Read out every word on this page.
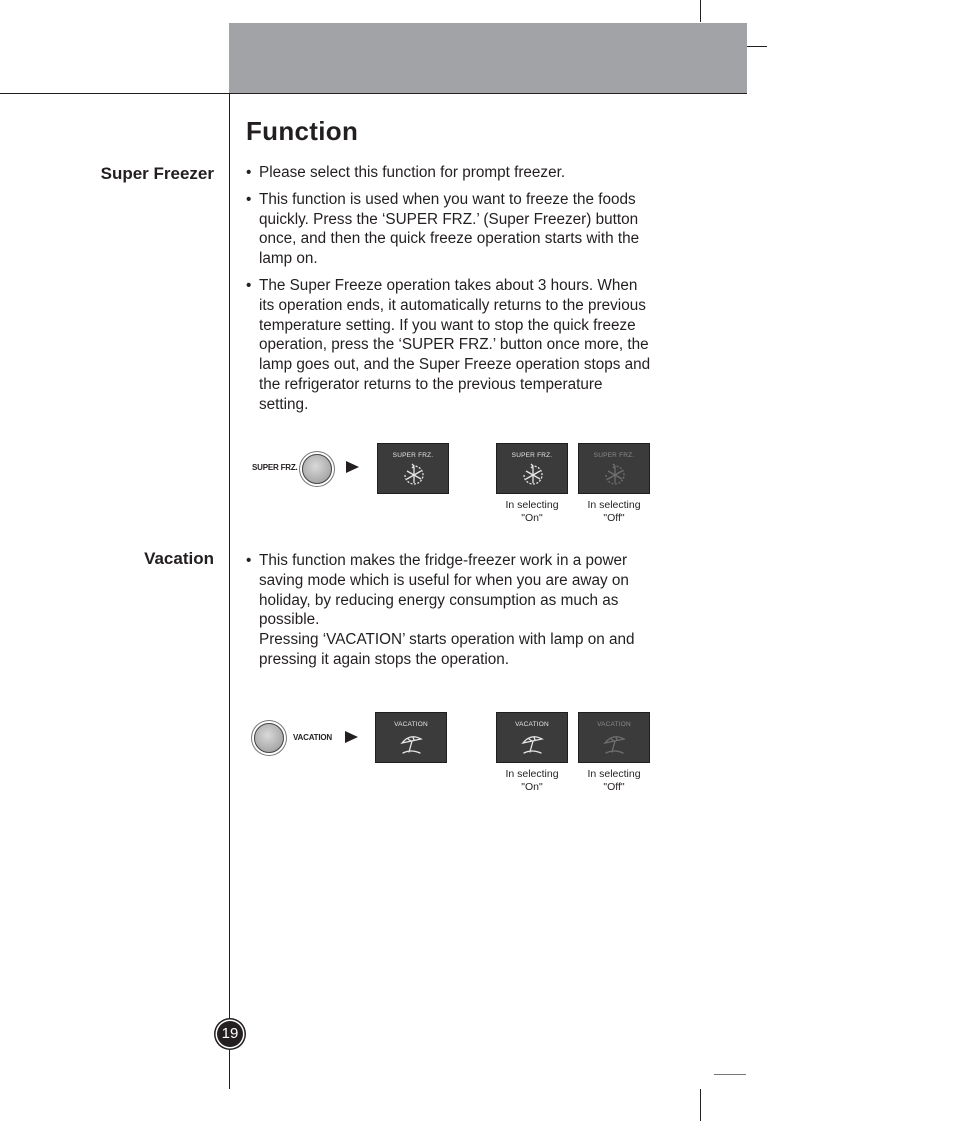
Operation
Function
Super Freezer • Please select this function for prompt freezer.

• This function is used when you want to freeze the foods quickly. Press the ‘SUPER FRZ.’ (Super Freezer) button once, and then the quick freeze operation starts with the lamp on.

• The Super Freeze operation takes about 3 hours. When its operation ends, it automatically returns to the previous temperature setting. If you want to stop the quick freeze operation, press the ‘SUPER FRZ.’ button once more, the lamp goes out, and the Super Freeze operation stops and the refrigerator returns to the previous temperature setting.

SUPER FRZ.
SUPER FRZ.	SUPER FRZ.
In selecting
"On"
SUPER FRZ.
In selecting
"Off"
Vacation • This function makes the fridge-freezer work in a power saving mode which is useful for when you are away on holiday, by reducing energy consumption as much as possible.

Pressing ‘VACATION’ starts operation with lamp on and pressing it again stops the operation.

VACATION
VACATION	VACATION
In selecting
"On"
VACATION
In selecting
"Off"
19
